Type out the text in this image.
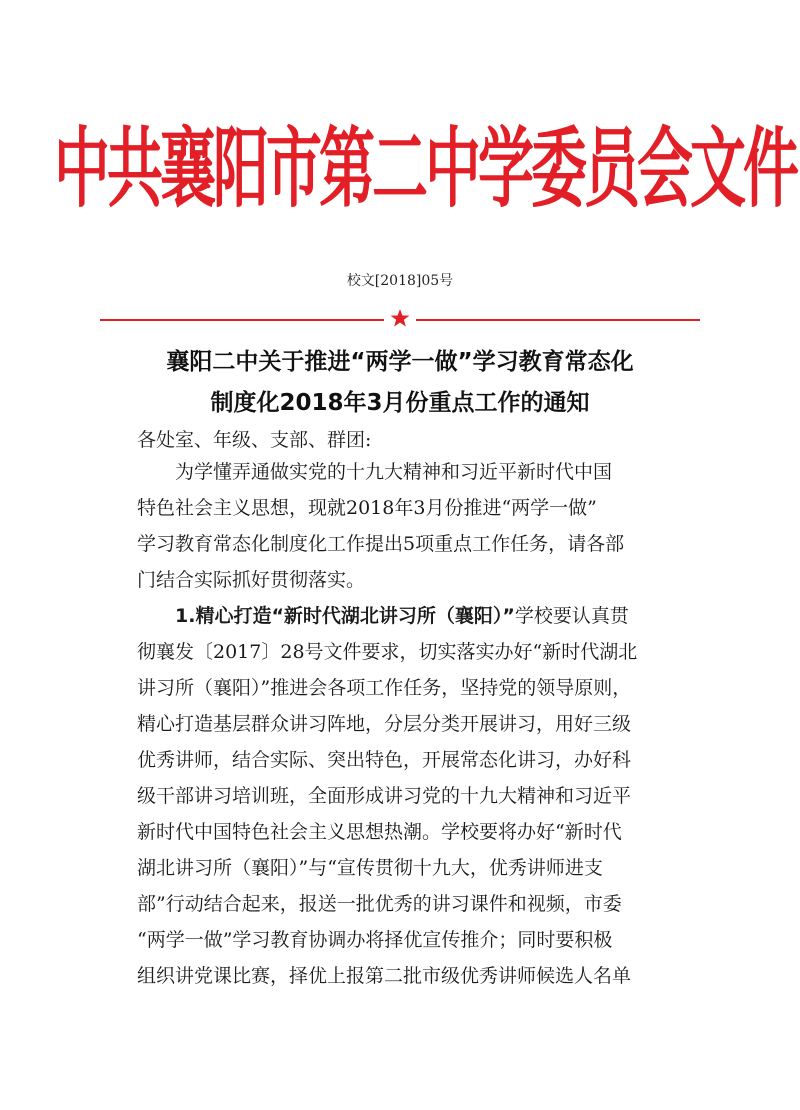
中共襄阳市第二中学委员会文件
校文[2018]05号
襄阳二中关于推进“两学一做”学习教育常态化
制度化2018年3月份重点工作的通知
各处室、年级、支部、群团:
为学懂弄通做实党的十九大精神和习近平新时代中国
特色社会主义思想，现就2018年3月份推进“两学一做”
学习教育常态化制度化工作提出5项重点工作任务，请各部
门结合实际抓好贯彻落实。
1.精心打造“新时代湖北讲习所（襄阳）”学校要认真贯
彻襄发〔2017〕28号文件要求，切实落实办好“新时代湖北
讲习所（襄阳）”推进会各项工作任务，坚持党的领导原则，
精心打造基层群众讲习阵地，分层分类开展讲习，用好三级
优秀讲师，结合实际、突出特色，开展常态化讲习，办好科
级干部讲习培训班，全面形成讲习党的十九大精神和习近平
新时代中国特色社会主义思想热潮。学校要将办好“新时代
湖北讲习所（襄阳）”与“宣传贯彻十九大，优秀讲师进支
部”行动结合起来，报送一批优秀的讲习课件和视频，市委
“两学一做”学习教育协调办将择优宣传推介；同时要积极
组织讲党课比赛，择优上报第二批市级优秀讲师候选人名单
